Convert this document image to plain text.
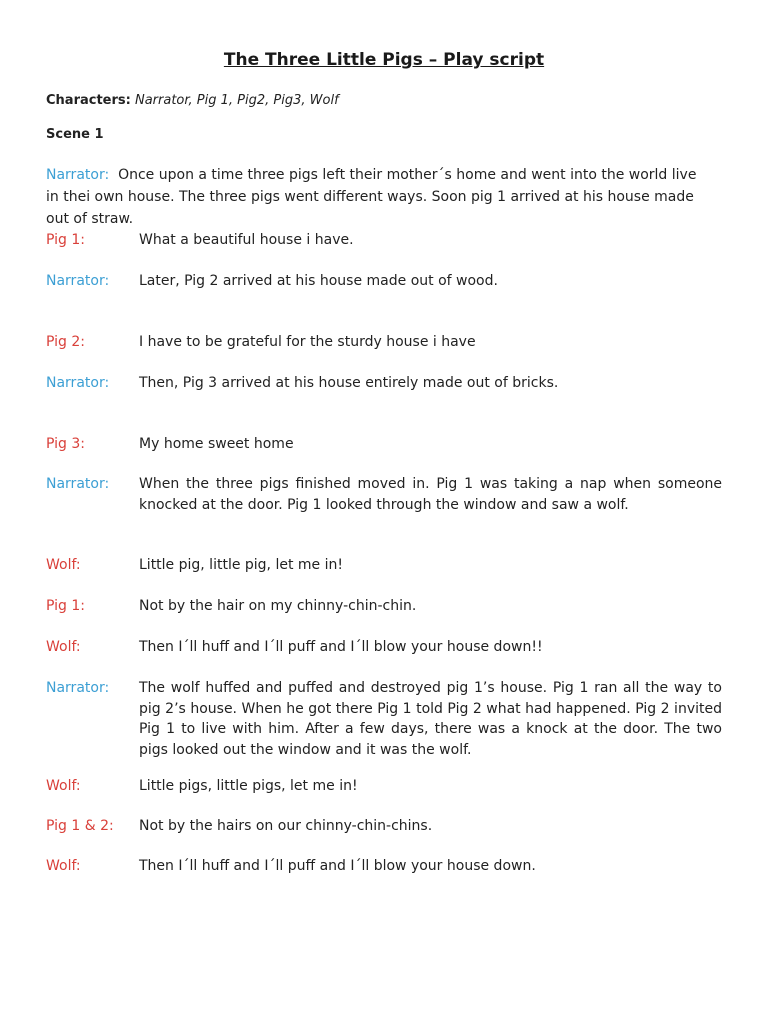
The Three Little Pigs – Play script
Characters: Narrator, Pig 1, Pig2, Pig3, Wolf
Scene 1
Narrator: Once upon a time three pigs left their mother´s home and went into the world live in thei own house. The three pigs went different ways. Soon pig 1 arrived at his house made out of straw.
Pig 1:	What a beautiful house i have.
Narrator:	Later, Pig 2 arrived at his house made out of wood.
Pig 2:	I have to be grateful for the sturdy house i have
Narrator:	Then, Pig 3 arrived at his house entirely made out of bricks.
Pig 3:	My home sweet home
Narrator:	When the three pigs finished moved in. Pig 1 was taking a nap when someone knocked at the door. Pig 1 looked through the window and saw a wolf.
Wolf:	Little pig, little pig, let me in!
Pig 1:	Not by the hair on my chinny-chin-chin.
Wolf:	Then I´ll huff and I´ll puff and I´ll blow your house down!!
Narrator:	The wolf huffed and puffed and destroyed pig 1’s house. Pig 1 ran all the way to pig 2’s house. When he got there Pig 1 told Pig 2 what had happened. Pig 2 invited Pig 1 to live with him. After a few days, there was a knock at the door. The two pigs looked out the window and it was the wolf.
Wolf:	Little pigs, little pigs, let me in!
Pig 1 & 2:	Not by the hairs on our chinny-chin-chins.
Wolf:	Then I´ll huff and I´ll puff and I´ll blow your house down.
